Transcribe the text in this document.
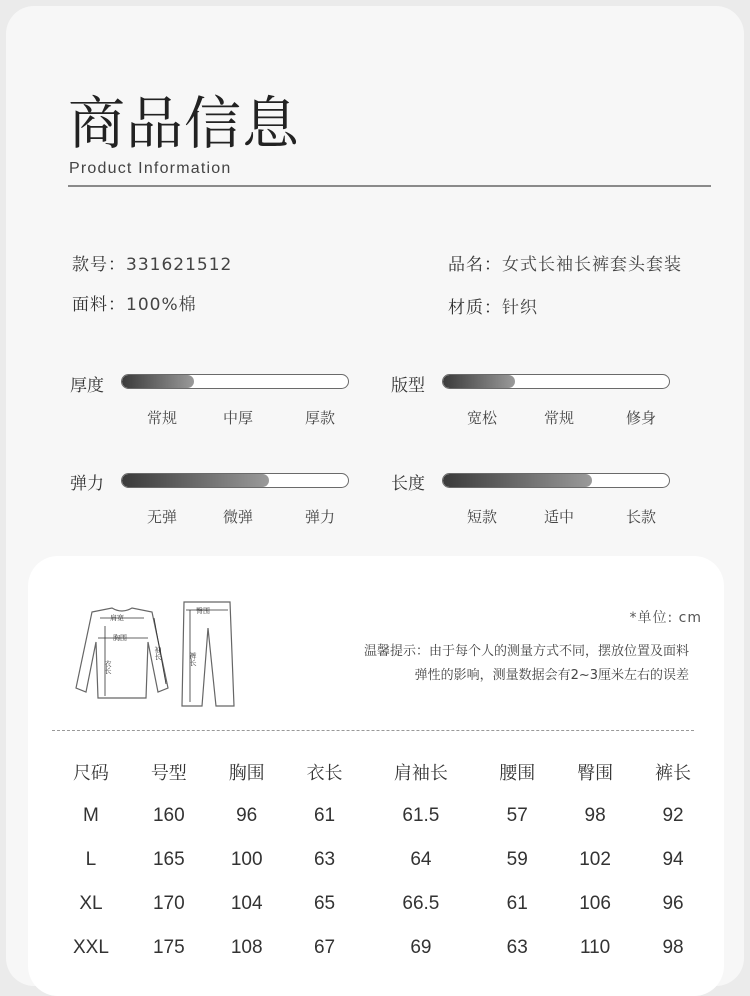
商品信息
Product Information
款号：331621512	品名：女式长袖长裤套头套装
面料：100%棉	材质：针织
厚度
常规	中厚	厚款
版型
宽松	常规	修身
弹力
无弹	微弹	弹力
长度
短款	适中	长款
肩宽
胸围
衣长
袖长
臀围
裤长
*单位: cm
温馨提示：由于每个人的测量方式不同，摆放位置及面料
弹性的影响，测量数据会有2~3厘米左右的误差
尺码	号型	胸围	衣长	肩袖长	腰围	臀围	裤长
M	160	96	61	61.5	57	98	92
L	165	100	63	64	59	102	94
XL	170	104	65	66.5	61	106	96
XXL	175	108	67	69	63	110	98
